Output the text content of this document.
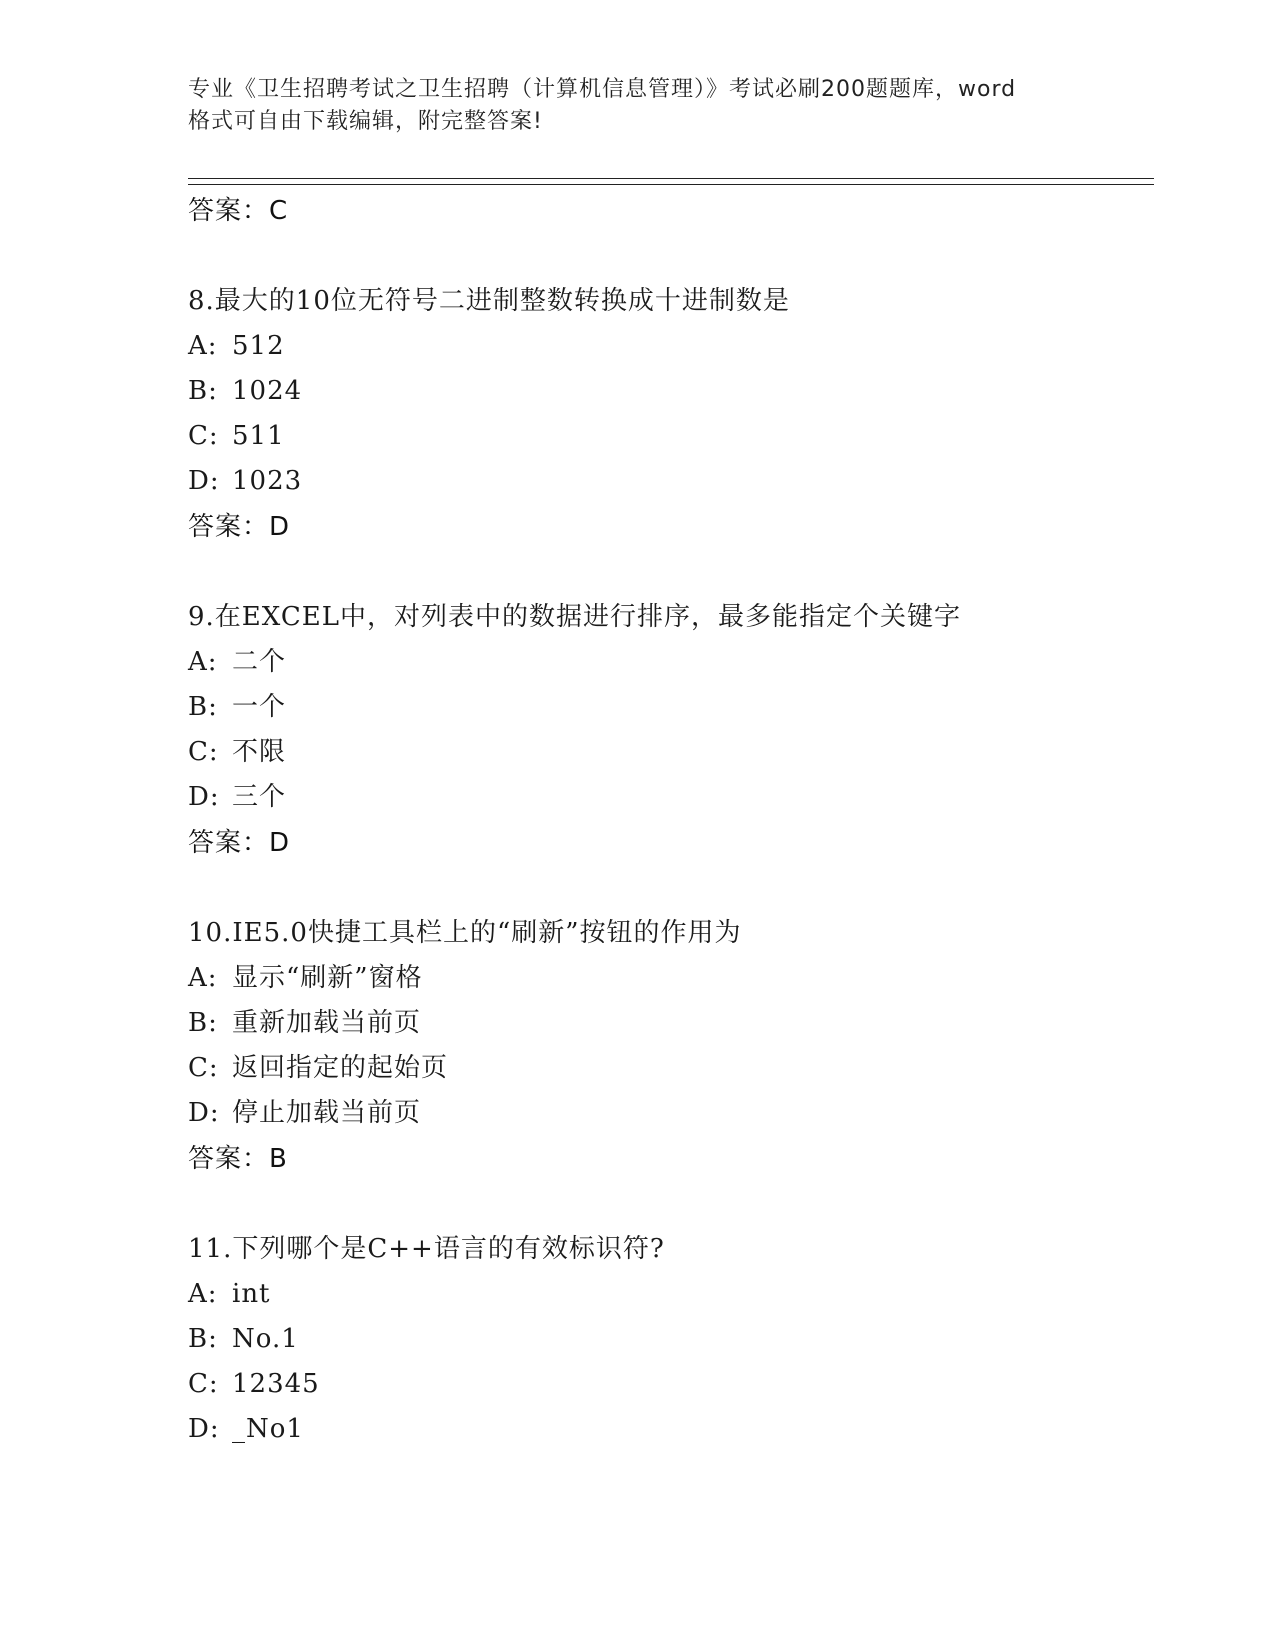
专业《卫生招聘考试之卫生招聘（计算机信息管理）》考试必刷200题题库，word
格式可自由下载编辑，附完整答案!
答案：C
8.最大的10位无符号二进制整数转换成十进制数是
A: 512
B: 1024
C: 511
D: 1023
答案：D
9.在EXCEL中，对列表中的数据进行排序，最多能指定个关键字
A: 二个
B: 一个
C: 不限
D: 三个
答案：D
10.IE5.0快捷工具栏上的“刷新”按钮的作用为
A: 显示“刷新”窗格
B: 重新加载当前页
C: 返回指定的起始页
D: 停止加载当前页
答案：B
11.下列哪个是C++语言的有效标识符?
A: int
B: No.1
C: 12345
D: _No1
